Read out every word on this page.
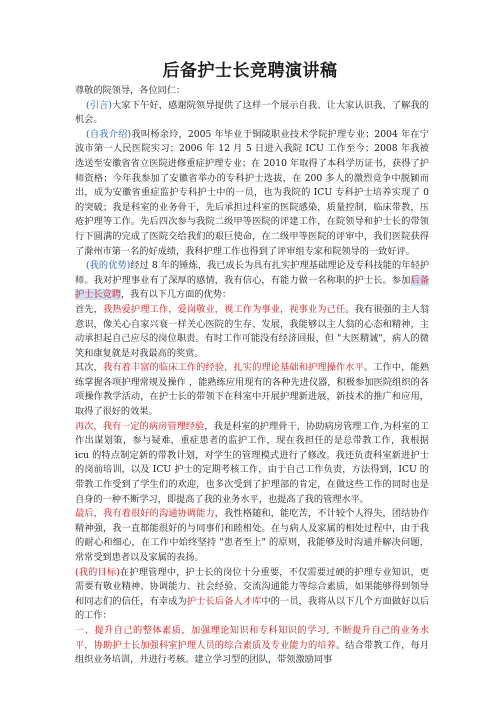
后备护士长竞聘演讲稿

尊敬的院领导，各位同仁：

(引言)大家下午好，感谢院领导提供了这样一个展示自我、让大家认识我、了解我的机会。

(自我介绍)我叫杨余玲，2005 年毕业于铜陵职业技术学院护理专业；2004 年在宁波市第一人民医院实习；2006 年 12 月 5 日进入我院 ICU 工作至今；2008 年我被选送至安徽省省立医院进修重症护理专业；在 2010 年取得了本科学历证书，获得了护师资格；今年我参加了安徽省举办的专科护士选拔，在 200 多人的激烈竞争中脱颖而出，成为安徽省重症监护专科护士中的一员，也为我院的 ICU 专科护士培养实现了 0 的突破；我是科室的业务骨干，先后承担过科室的医院感染，质量控制，临床带教，压疮护理等工作。先后四次参与我院二级甲等医院的评建工作，在院领导和护士长的带领行下圆满的完成了医院交给我们的艰巨使命，在二级甲等医院的评审中，我们医院获得了滁州市第一名的好成绩，我科护理工作也得到了评审组专家和院领导的一致好评。

(我的优势)经过 8 年的锤炼，我已成长为具有扎实护理基础理论及专科技能的年轻护师。我对护理事业有了深厚的感情，我有信心，有能力做一名称职的护士长。参加后备护士长竞聘，我有以下几方面的优势：

首先，我热爱护理工作，爱岗敬业，视工作为事业，视事业为己任。我有很强的主人翁意识，像关心自家兴衰一样关心医院的生存、发展，我能够以主人翁的心态和精神，主动承担起自己应尽的岗位职责。有时工作可能没有经济回报，但 "大医精诚"，病人的微笑和康复就是对我最高的奖赏。

其次，我有着丰富的临床工作的经验，扎实的理论基础和护理操作水平。工作中，能熟练掌握各项护理常规及操作 ，能熟练应用现有的各种先进仪器，积极参加医院组织的各项操作教学活动，在护士长的带领下在科室中开展护理新进展，新技术的推广和应用，取得了很好的效果。

再次，我有一定的病房管理经验，我是科室的护理骨干，协助病房管理工作,为科室的工作出谋划策，参与疑难，重症患者的监护工作，现在我担任的是总带教工作，我根据 icu 的特点制定新的带教计划，对学生的管理模式进行了修改。我还负责科室新进护士的岗前培训，以及 ICU 护士的定期考核工作，由于自己工作负责，方法得到，ICU 的带教工作受到了学生们的欢迎，也多次受到了护理部的肯定，在做这些工作的同时也是自身的一种不断学习，即提高了我的业务水平，也提高了我的管理水平。

最后，我有着很好的沟通协调能力，我性格随和，能吃苦，不计较个人得失，团结协作精神强，我一直都能很好的与同事们和睦相处。在与病人及家属的相处过程中，由于我的耐心和细心，在工作中始终坚持 "患者至上" 的原则，我能够及时沟通并解决问题，常常受到患者以及家属的表扬。

(我的目标)在护理管理中，护士长的岗位十分重要，不仅需要过硬的护理专业知识，更需要有敬业精神、协调能力、社会经验、交流沟通能力等综合素质，如果能够得到领导和同志们的信任，有幸成为护士长后备人才库中的一员，我将从以下几个方面做好以后的工作：

一、提升自己的整体素质，加强理论知识和专科知识的学习, 不断提升自己的业务水平，协助护士长加强科室护理人员的综合素质及专业能力的培养。结合带教工作，每月组织业务培训，并进行考核。建立学习型的团队，带领激励同事
